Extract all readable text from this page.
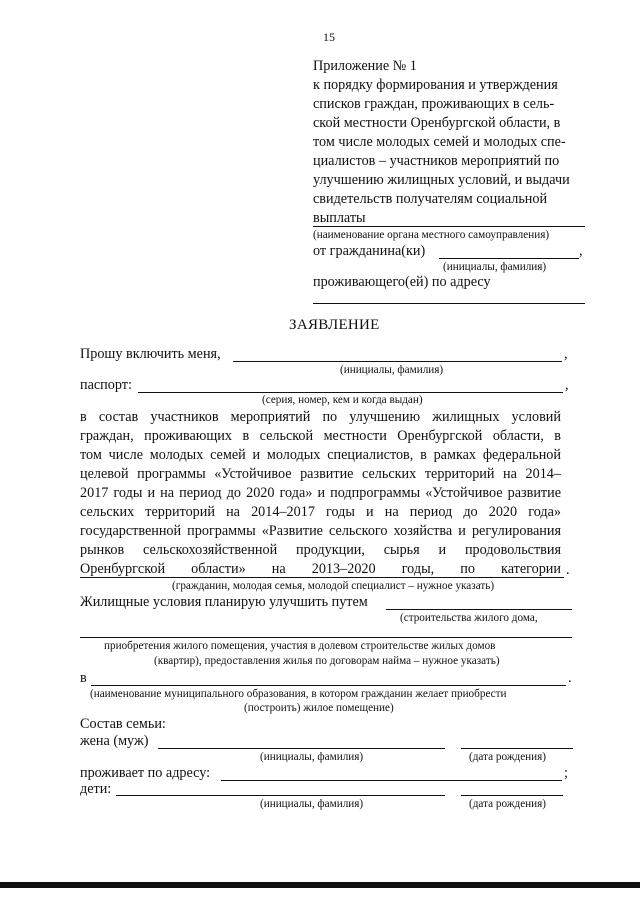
15
Приложение № 1
к порядку формирования и утверждения
списков граждан, проживающих в сель-
ской местности Оренбургской области, в
том числе молодых семей и молодых спе-
циалистов – участников мероприятий по
улучшению жилищных условий, и выдачи
свидетельств получателям социальной
выплаты
(наименование органа местного самоуправления)
от гражданина(ки)	,
(инициалы, фамилия)
проживающего(ей) по адресу
ЗАЯВЛЕНИЕ
Прошу включить меня,	,
(инициалы, фамилия)
паспорт:	,
(серия, номер, кем и когда выдан)
в состав участников мероприятий по улучшению жилищных условий
граждан, проживающих в сельской местности Оренбургской области, в
том числе молодых семей и молодых специалистов, в рамках федеральной
целевой программы «Устойчивое развитие сельских территорий на 2014–
2017 годы и на период до 2020 года» и подпрограммы «Устойчивое развитие
сельских территорий на 2014–2017 годы и на период до 2020 года»
государственной программы «Развитие сельского хозяйства и регулирования
рынков сельскохозяйственной продукции, сырья и продовольствия
Оренбургской области» на 2013–2020 годы, по категории .
(гражданин, молодая семья, молодой специалист – нужное указать)
Жилищные условия планирую улучшить путем
(строительства жилого дома,
приобретения жилого помещения, участия в долевом строительстве жилых домов
(квартир), предоставления жилья по договорам найма – нужное указать)
в	.
(наименование муниципального образования, в котором гражданин желает приобрести
(построить) жилое помещение)
Состав семьи:
жена (муж)
(инициалы, фамилия)	(дата рождения)
проживает по адресу:	;
дети:
(инициалы, фамилия)	(дата рождения)
